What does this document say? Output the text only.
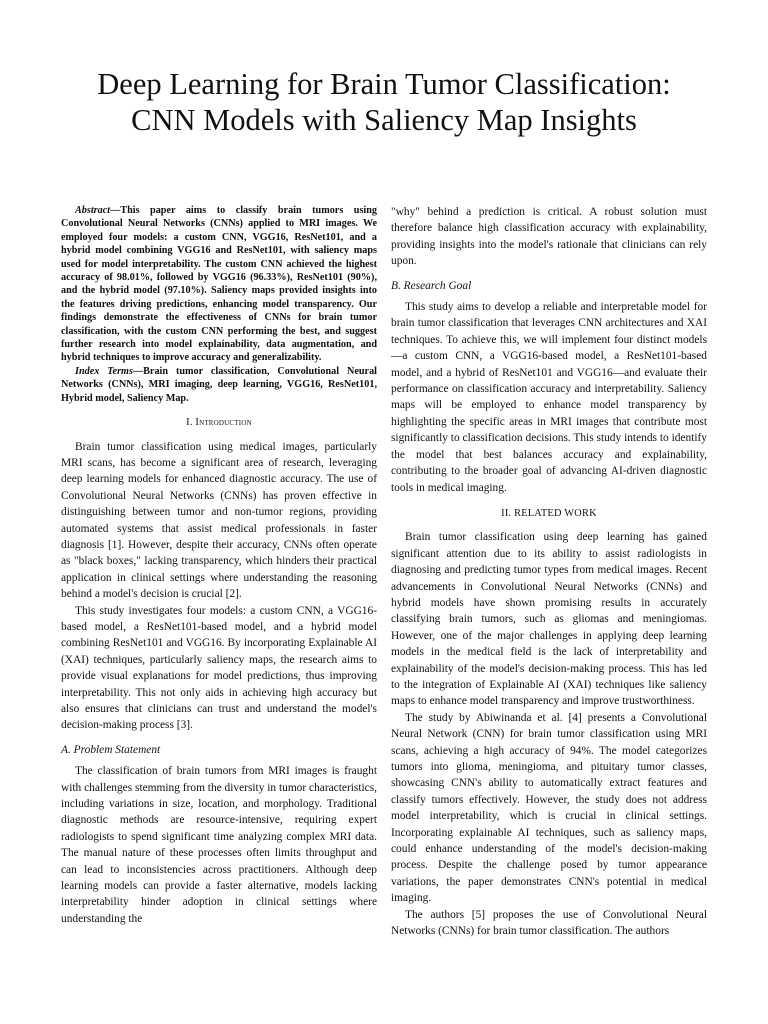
Deep Learning for Brain Tumor Classification:
CNN Models with Saliency Map Insights

Abstract—This paper aims to classify brain tumors using Convolutional Neural Networks (CNNs) applied to MRI images. We employed four models: a custom CNN, VGG16, ResNet101, and a hybrid model combining VGG16 and ResNet101, with saliency maps used for model interpretability. The custom CNN achieved the highest accuracy of 98.01%, followed by VGG16 (96.33%), ResNet101 (90%), and the hybrid model (97.10%). Saliency maps provided insights into the features driving predictions, enhancing model transparency. Our findings demonstrate the effectiveness of CNNs for brain tumor classification, with the custom CNN performing the best, and suggest further research into model explainability, data augmentation, and hybrid techniques to improve accuracy and generalizability.

Index Terms—Brain tumor classification, Convolutional Neural Networks (CNNs), MRI imaging, deep learning, VGG16, ResNet101, Hybrid model, Saliency Map.

I. Introduction

Brain tumor classification using medical images, particularly MRI scans, has become a significant area of research, leveraging deep learning models for enhanced diagnostic accuracy. The use of Convolutional Neural Networks (CNNs) has proven effective in distinguishing between tumor and non-tumor regions, providing automated systems that assist medical professionals in faster diagnosis [1]. However, despite their accuracy, CNNs often operate as "black boxes," lacking transparency, which hinders their practical application in clinical settings where understanding the reasoning behind a model's decision is crucial [2].

This study investigates four models: a custom CNN, a VGG16-based model, a ResNet101-based model, and a hybrid model combining ResNet101 and VGG16. By incorporating Explainable AI (XAI) techniques, particularly saliency maps, the research aims to provide visual explanations for model predictions, thus improving interpretability. This not only aids in achieving high accuracy but also ensures that clinicians can trust and understand the model's decision-making process [3].

A. Problem Statement

The classification of brain tumors from MRI images is fraught with challenges stemming from the diversity in tumor characteristics, including variations in size, location, and morphology. Traditional diagnostic methods are resource-intensive, requiring expert radiologists to spend significant time analyzing complex MRI data. The manual nature of these processes often limits throughput and can lead to inconsistencies across practitioners. Although deep learning models can provide a faster alternative, models lacking interpretability hinder adoption in clinical settings where understanding the

"why" behind a prediction is critical. A robust solution must therefore balance high classification accuracy with explainability, providing insights into the model's rationale that clinicians can rely upon.

B. Research Goal

This study aims to develop a reliable and interpretable model for brain tumor classification that leverages CNN architectures and XAI techniques. To achieve this, we will implement four distinct models—a custom CNN, a VGG16-based model, a ResNet101-based model, and a hybrid of ResNet101 and VGG16—and evaluate their performance on classification accuracy and interpretability. Saliency maps will be employed to enhance model transparency by highlighting the specific areas in MRI images that contribute most significantly to classification decisions. This study intends to identify the model that best balances accuracy and explainability, contributing to the broader goal of advancing AI-driven diagnostic tools in medical imaging.

II. RELATED WORK

Brain tumor classification using deep learning has gained significant attention due to its ability to assist radiologists in diagnosing and predicting tumor types from medical images. Recent advancements in Convolutional Neural Networks (CNNs) and hybrid models have shown promising results in accurately classifying brain tumors, such as gliomas and meningiomas. However, one of the major challenges in applying deep learning models in the medical field is the lack of interpretability and explainability of the model's decision-making process. This has led to the integration of Explainable AI (XAI) techniques like saliency maps to enhance model transparency and improve trustworthiness.

The study by Abiwinanda et al. [4] presents a Convolutional Neural Network (CNN) for brain tumor classification using MRI scans, achieving a high accuracy of 94%. The model categorizes tumors into glioma, meningioma, and pituitary tumor classes, showcasing CNN's ability to automatically extract features and classify tumors effectively. However, the study does not address model interpretability, which is crucial in clinical settings. Incorporating explainable AI techniques, such as saliency maps, could enhance understanding of the model's decision-making process. Despite the challenge posed by tumor appearance variations, the paper demonstrates CNN's potential in medical imaging.

The authors [5] proposes the use of Convolutional Neural Networks (CNNs) for brain tumor classification. The authors
